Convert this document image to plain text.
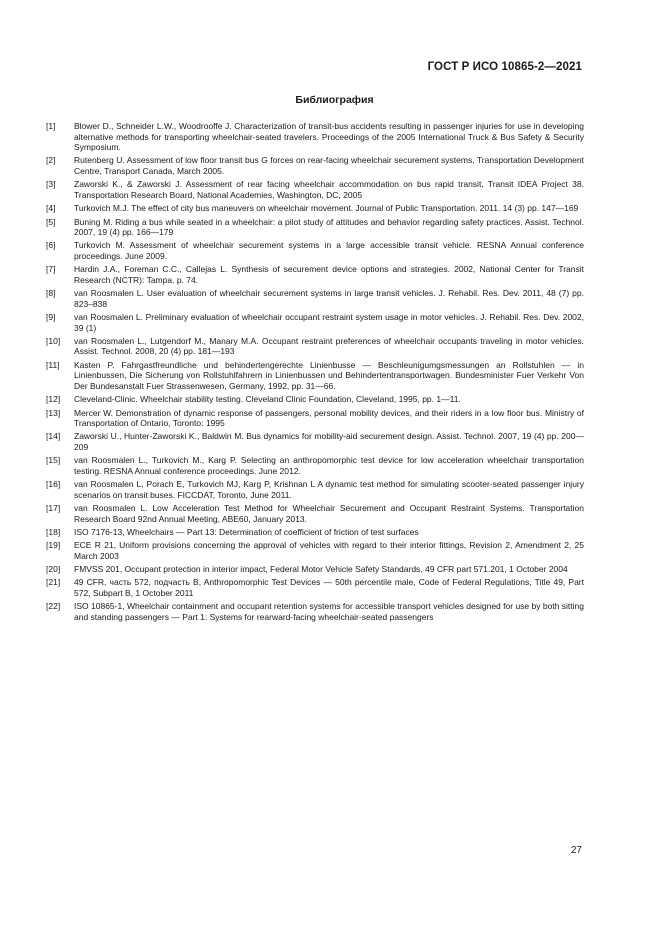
ГОСТ Р ИСО 10865-2—2021
Библиография
[1] Blower D., Schneider L.W., Woodrooffe J. Characterization of transit-bus accidents resulting in passenger injuries for use in developing alternative methods for transporting wheelchair-seated travelers. Proceedings of the 2005 International Truck & Bus Safety & Security Symposium.
[2] Rutenberg U. Assessment of low floor transit bus G forces on rear-facing wheelchair securement systems, Transportation Development Centre, Transport Canada, March 2005.
[3] Zaworski K., & Zaworski J. Assessment of rear facing wheelchair accommodation on bus rapid transit, Transit IDEA Project 38. Transportation Research Board, National Academies, Washington, DC, 2005
[4] Turkovich M.J. The effect of city bus maneuvers on wheelchair movement. Journal of Public Transportation. 2011. 14 (3) pp. 147—169
[5] Buning M. Riding a bus while seated in a wheelchair: a pilot study of attitudes and behavior regarding safety practices. Assist. Technol. 2007, 19 (4) pp. 166—179
[6] Turkovich M. Assessment of wheelchair securement systems in a large accessible transit vehicle. RESNA Annual conference proceedings. June 2009.
[7] Hardin J.A., Foreman C.C., Callejas L. Synthesis of securement device options and strategies. 2002, National Center for Transit Research (NCTR): Tampa. p. 74.
[8] van Roosmalen L. User evaluation of wheelchair securement systems in large transit vehicles. J. Rehabil. Res. Dev. 2011, 48 (7) pp. 823–838
[9] van Roosmalen L. Preliminary evaluation of wheelchair occupant restraint system usage in motor vehicles. J. Rehabil. Res. Dev. 2002, 39 (1)
[10] van Roosmalen L., Lutgendorf M., Manary M.A. Occupant restraint preferences of wheelchair occupants traveling in motor vehicles. Assist. Technol. 2008, 20 (4) pp. 181—193
[11] Kasten P. Fahrgastfreundliche und behindertengerechte Linienbusse — Beschleunigumgsmessungen an Rollstuhlen — in Linienbussen, Die Sicherung von Rollstuhlfahrern in Linienbussen und Behindertentransportwagen. Bundesminister Fuer Verkehr Von Der Bundesanstalt Fuer Strassenwesen, Germany, 1992, pp. 31—66.
[12] Cleveland-Clinic. Wheelchair stability testing. Cleveland Clinic Foundation, Cleveland, 1995, pp. 1—11.
[13] Mercer W. Demonstration of dynamic response of passengers, personal mobility devices, and their riders in a low floor bus. Ministry of Transportation of Ontario, Toronto: 1995
[14] Zaworski U., Hunter-Zaworski K., Baldwin M. Bus dynamics for mobility-aid securement design. Assist. Technol. 2007, 19 (4) pp. 200—209
[15] van Roosmalen L., Turkovich M., Karg P. Selecting an anthropomorphic test device for low acceleration wheelchair transportation testing. RESNA Annual conference proceedings. June 2012.
[16] van Roosmalen L, Porach E, Turkovich MJ, Karg P, Krishnan L A dynamic test method for simulating scooter-seated passenger injury scenarios on transit buses. FICCDAT, Toronto, June 2011.
[17] van Roosmalen L. Low Acceleration Test Method for Wheelchair Securement and Occupant Restraint Systems. Transportation Research Board 92nd Annual Meeting, ABE60, January 2013.
[18] ISO 7176-13, Wheelchairs — Part 13: Determination of coefficient of friction of test surfaces
[19] ECE R 21, Uniform provisions concerning the approval of vehicles with regard to their interior fittings, Revision 2, Amendment 2, 25 March 2003
[20] FMVSS 201, Occupant protection in interior impact, Federal Motor Vehicle Safety Standards, 49 CFR part 571.201, 1 October 2004
[21] 49 CFR, часть 572, подчасть B, Anthropomorphic Test Devices — 50th percentile male, Code of Federal Regulations, Title 49, Part 572, Subpart B, 1 October 2011
[22] ISO 10865-1, Wheelchair containment and occupant retention systems for accessible transport vehicles designed for use by both sitting and standing passengers — Part 1: Systems for rearward-facing wheelchair-seated passengers
27
